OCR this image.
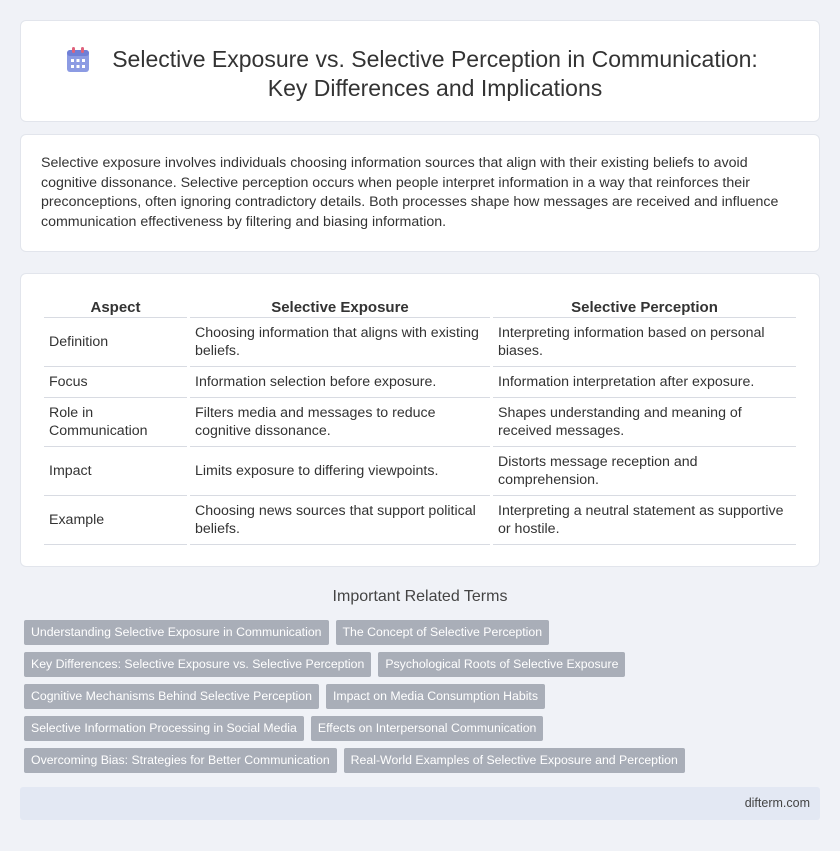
Selective Exposure vs. Selective Perception in Communication: Key Differences and Implications

Selective exposure involves individuals choosing information sources that align with their existing beliefs to avoid cognitive dissonance. Selective perception occurs when people interpret information in a way that reinforces their preconceptions, often ignoring contradictory details. Both processes shape how messages are received and influence communication effectiveness by filtering and biasing information.

Aspect	Selective Exposure	Selective Perception
Definition	Choosing information that aligns with existing beliefs.	Interpreting information based on personal biases.
Focus	Information selection before exposure.	Information interpretation after exposure.
Role in Communication	Filters media and messages to reduce cognitive dissonance.	Shapes understanding and meaning of received messages.
Impact	Limits exposure to differing viewpoints.	Distorts message reception and comprehension.
Example	Choosing news sources that support political beliefs.	Interpreting a neutral statement as supportive or hostile.
Important Related Terms
Understanding Selective Exposure in Communication	The Concept of Selective Perception
Key Differences: Selective Exposure vs. Selective Perception	Psychological Roots of Selective Exposure
Cognitive Mechanisms Behind Selective Perception	Impact on Media Consumption Habits
Selective Information Processing in Social Media	Effects on Interpersonal Communication
Overcoming Bias: Strategies for Better Communication	Real-World Examples of Selective Exposure and Perception
difterm.com
